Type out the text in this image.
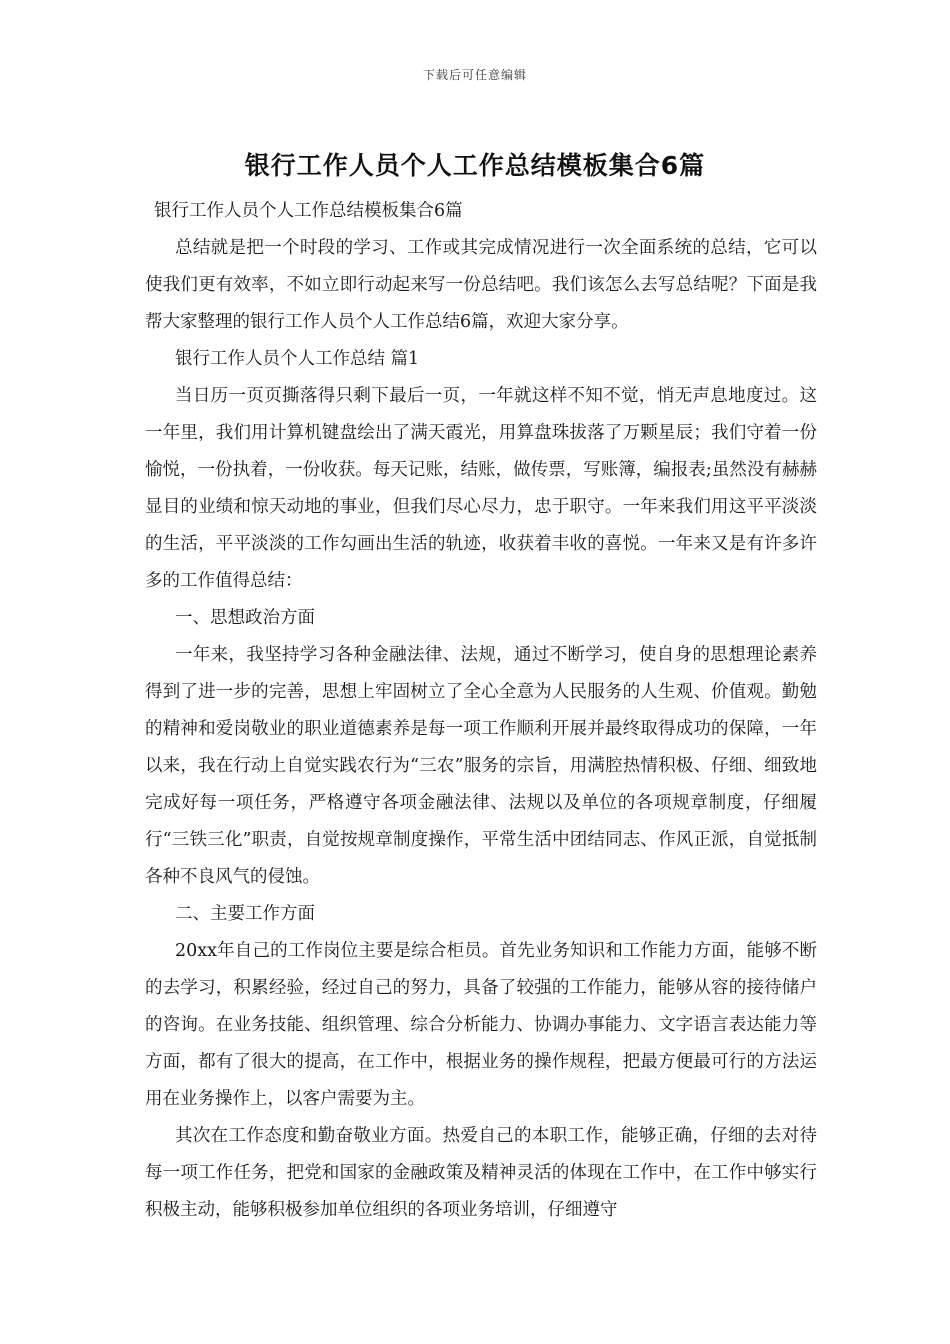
下载后可任意编辑
银行工作人员个人工作总结模板集合6篇

银行工作人员个人工作总结模板集合6篇

总结就是把一个时段的学习、工作或其完成情况进行一次全面系统的总结，它可以使我们更有效率，不如立即行动起来写一份总结吧。我们该怎么去写总结呢？下面是我帮大家整理的银行工作人员个人工作总结6篇，欢迎大家分享。

银行工作人员个人工作总结 篇1

当日历一页页撕落得只剩下最后一页，一年就这样不知不觉，悄无声息地度过。这一年里，我们用计算机键盘绘出了满天霞光，用算盘珠拔落了万颗星辰；我们守着一份愉悦，一份执着，一份收获。每天记账，结账，做传票，写账簿，编报表;虽然没有赫赫显目的业绩和惊天动地的事业，但我们尽心尽力，忠于职守。一年来我们用这平平淡淡的生活，平平淡淡的工作勾画出生活的轨迹，收获着丰收的喜悦。一年来又是有许多许多的工作值得总结：

一、思想政治方面

一年来，我坚持学习各种金融法律、法规，通过不断学习，使自身的思想理论素养得到了进一步的完善，思想上牢固树立了全心全意为人民服务的人生观、价值观。勤勉的精神和爱岗敬业的职业道德素养是每一项工作顺利开展并最终取得成功的保障，一年以来，我在行动上自觉实践农行为“三农”服务的宗旨，用满腔热情积极、仔细、细致地完成好每一项任务，严格遵守各项金融法律、法规以及单位的各项规章制度，仔细履行“三铁三化”职责，自觉按规章制度操作，平常生活中团结同志、作风正派，自觉抵制各种不良风气的侵蚀。

二、主要工作方面

20xx年自己的工作岗位主要是综合柜员。首先业务知识和工作能力方面，能够不断的去学习，积累经验，经过自己的努力，具备了较强的工作能力，能够从容的接待储户的咨询。在业务技能、组织管理、综合分析能力、协调办事能力、文字语言表达能力等方面，都有了很大的提高，在工作中，根据业务的操作规程，把最方便最可行的方法运用在业务操作上，以客户需要为主。

其次在工作态度和勤奋敬业方面。热爱自己的本职工作，能够正确，仔细的去对待每一项工作任务，把党和国家的金融政策及精神灵活的体现在工作中，在工作中够实行积极主动，能够积极参加单位组织的各项业务培训，仔细遵守
